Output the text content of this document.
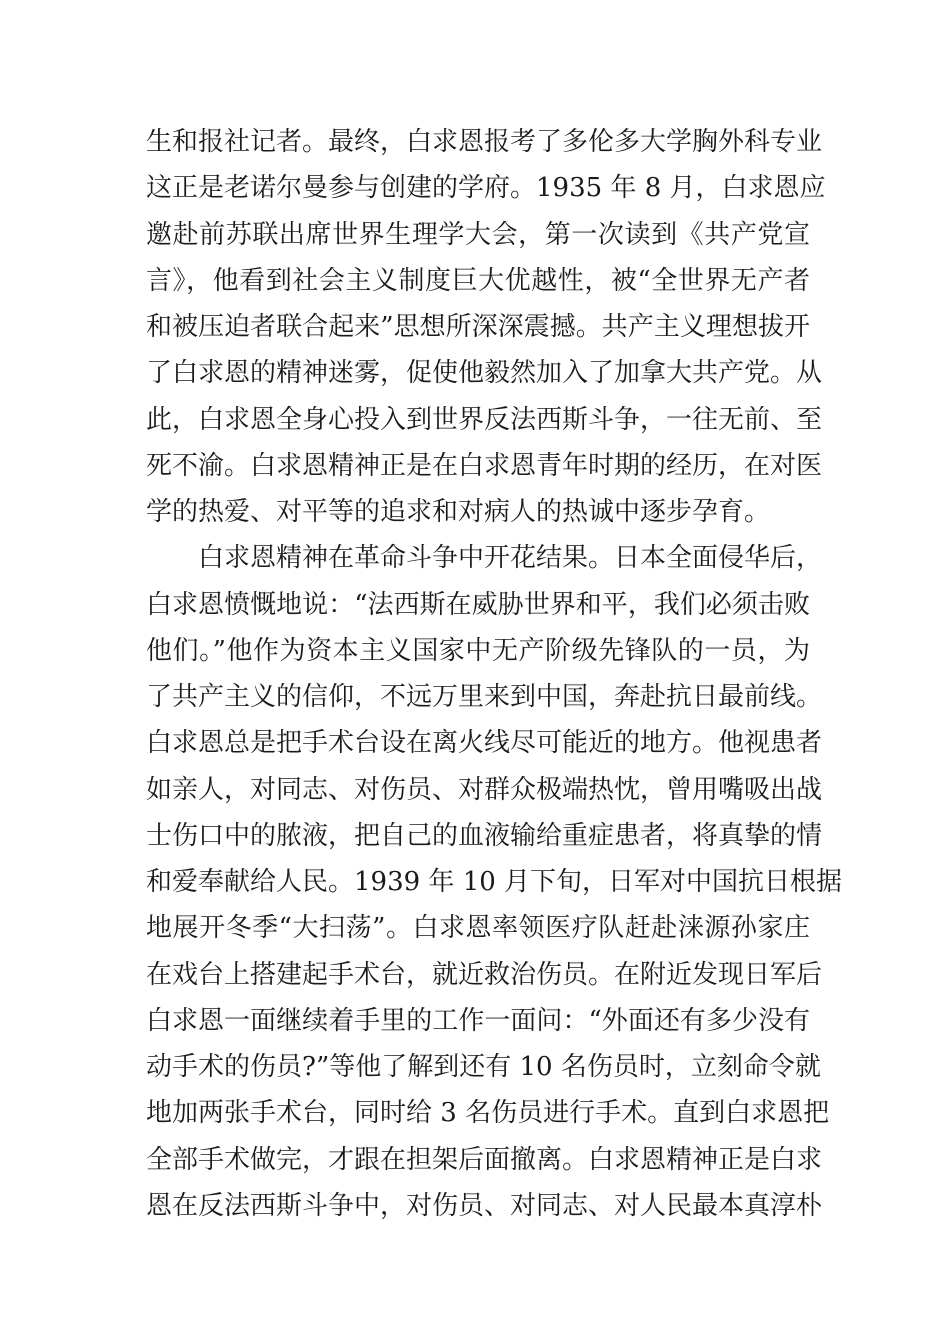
生和报社记者。最终，白求恩报考了多伦多大学胸外科专业
这正是老诺尔曼参与创建的学府。1935 年 8 月，白求恩应
邀赴前苏联出席世界生理学大会，第一次读到《共产党宣
言》，他看到社会主义制度巨大优越性，被“全世界无产者
和被压迫者联合起来”思想所深深震撼。共产主义理想拔开
了白求恩的精神迷雾，促使他毅然加入了加拿大共产党。从
此，白求恩全身心投入到世界反法西斯斗争，一往无前、至
死不渝。白求恩精神正是在白求恩青年时期的经历，在对医
学的热爱、对平等的追求和对病人的热诚中逐步孕育。
白求恩精神在革命斗争中开花结果。日本全面侵华后，
白求恩愤慨地说：“法西斯在威胁世界和平，我们必须击败
他们。”他作为资本主义国家中无产阶级先锋队的一员，为
了共产主义的信仰，不远万里来到中国，奔赴抗日最前线。
白求恩总是把手术台设在离火线尽可能近的地方。他视患者
如亲人，对同志、对伤员、对群众极端热忱，曾用嘴吸出战
士伤口中的脓液，把自己的血液输给重症患者，将真挚的情
和爱奉献给人民。1939 年 10 月下旬，日军对中国抗日根据
地展开冬季“大扫荡”。白求恩率领医疗队赶赴涞源孙家庄
在戏台上搭建起手术台，就近救治伤员。在附近发现日军后
白求恩一面继续着手里的工作一面问：“外面还有多少没有
动手术的伤员?”等他了解到还有 10 名伤员时，立刻命令就
地加两张手术台，同时给 3 名伤员进行手术。直到白求恩把
全部手术做完，才跟在担架后面撤离。白求恩精神正是白求
恩在反法西斯斗争中，对伤员、对同志、对人民最本真淳朴
